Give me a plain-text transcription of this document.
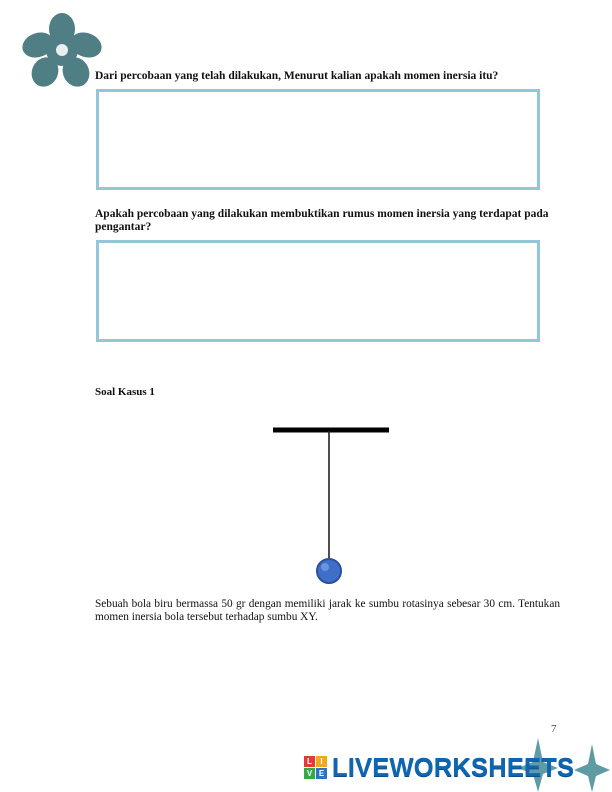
Dari percobaan yang telah dilakukan, Menurut kalian apakah momen inersia itu?
Apakah percobaan yang dilakukan membuktikan rumus momen inersia yang terdapat pada pengantar?
Soal Kasus 1
Sebuah bola biru bermassa 50 gr dengan memiliki jarak ke sumbu rotasinya sebesar 30 cm. Tentukan momen inersia bola tersebut terhadap sumbu XY.
7
L	I
V E LIVEWORKSHEETS
